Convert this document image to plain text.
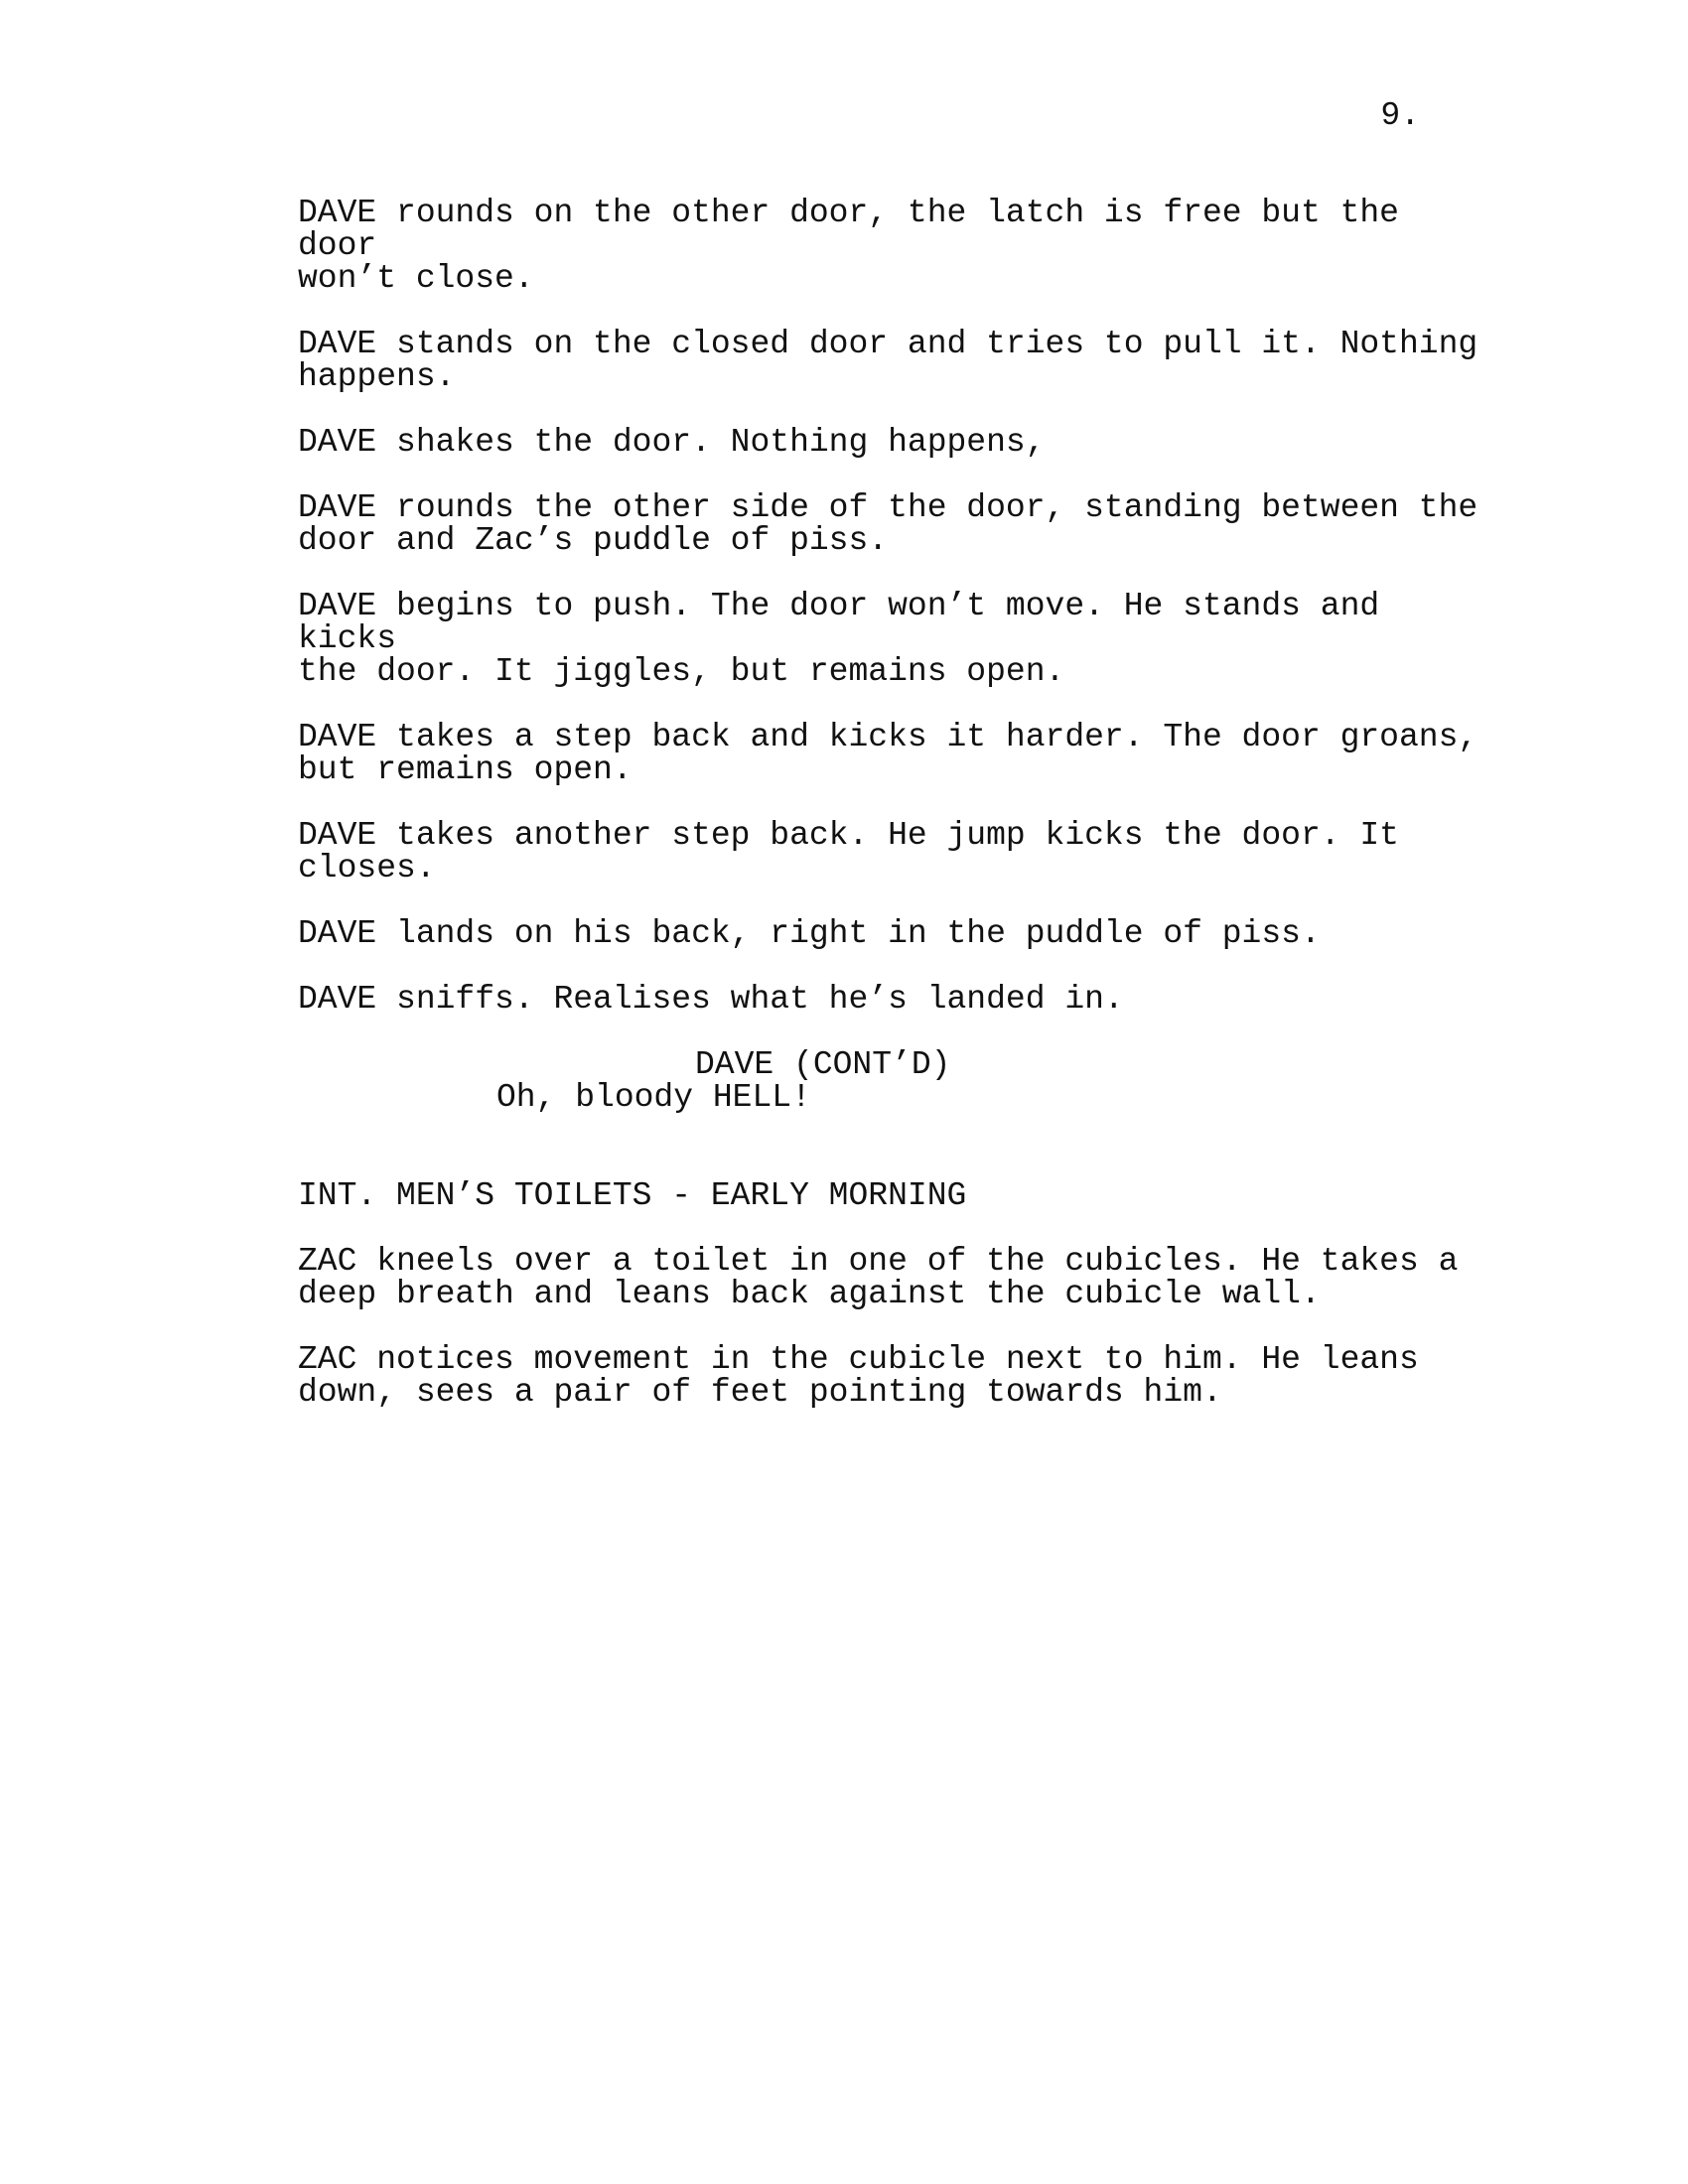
9.
DAVE rounds on the other door, the latch is free but the door
won’t close.
DAVE stands on the closed door and tries to pull it. Nothing
happens.
DAVE shakes the door. Nothing happens,
DAVE rounds the other side of the door, standing between the
door and Zac’s puddle of piss.
DAVE begins to push. The door won’t move. He stands and kicks
the door. It jiggles, but remains open.
DAVE takes a step back and kicks it harder. The door groans,
but remains open.
DAVE takes another step back. He jump kicks the door. It
closes.
DAVE lands on his back, right in the puddle of piss.
DAVE sniffs. Realises what he’s landed in.
DAVE (CONT’D)
Oh, bloody HELL!
INT. MEN’S TOILETS - EARLY MORNING
ZAC kneels over a toilet in one of the cubicles. He takes a
deep breath and leans back against the cubicle wall.
ZAC notices movement in the cubicle next to him. He leans
down, sees a pair of feet pointing towards him.
